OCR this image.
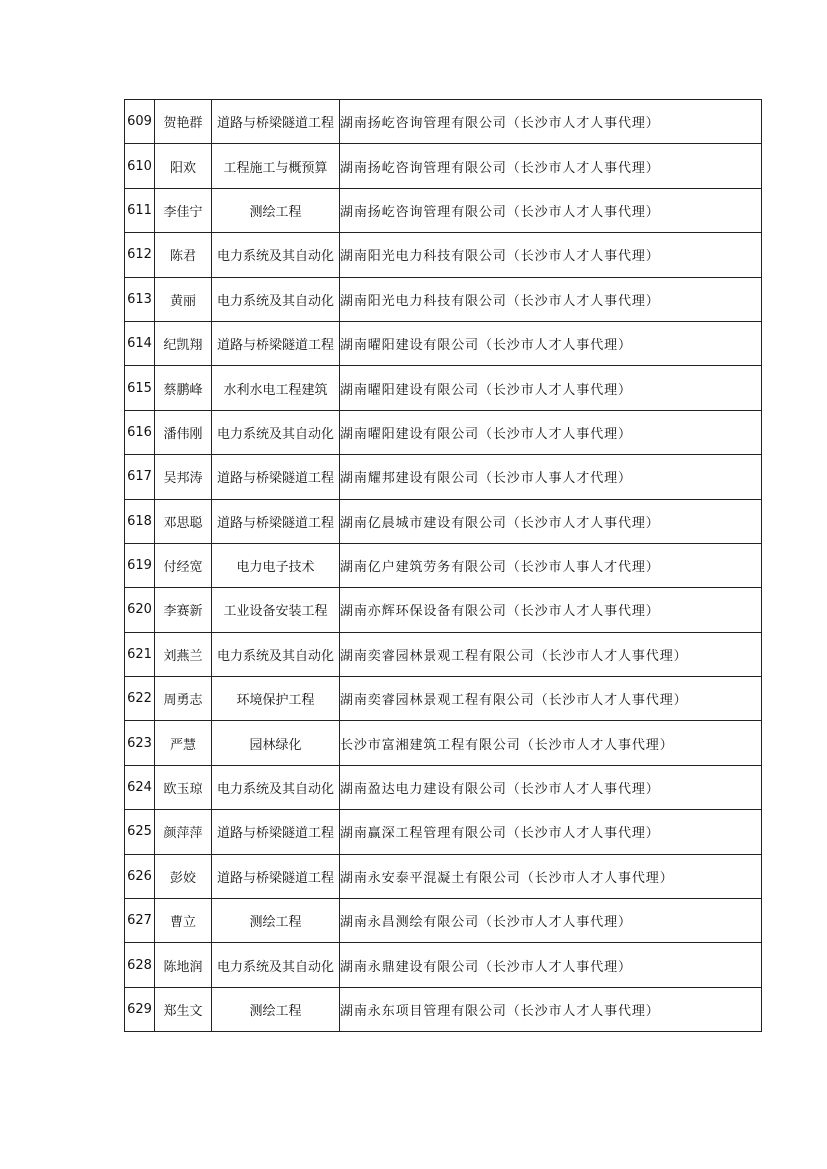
609	贺艳群	道路与桥梁隧道工程	湖南扬屹咨询管理有限公司（长沙市人才人事代理）
610	阳欢	工程施工与概预算	湖南扬屹咨询管理有限公司（长沙市人才人事代理）
611	李佳宁	测绘工程	湖南扬屹咨询管理有限公司（长沙市人才人事代理）
612	陈君	电力系统及其自动化	湖南阳光电力科技有限公司（长沙市人才人事代理）
613	黄丽	电力系统及其自动化	湖南阳光电力科技有限公司（长沙市人才人事代理）
614	纪凯翔	道路与桥梁隧道工程	湖南曜阳建设有限公司（长沙市人才人事代理）
615	蔡鹏峰	水利水电工程建筑	湖南曜阳建设有限公司（长沙市人才人事代理）
616	潘伟刚	电力系统及其自动化	湖南曜阳建设有限公司（长沙市人才人事代理）
617	吴邦涛	道路与桥梁隧道工程	湖南耀邦建设有限公司（长沙市人事人才代理）
618	邓思聪	道路与桥梁隧道工程	湖南亿晨城市建设有限公司（长沙市人才人事代理）
619	付经宽	电力电子技术	湖南亿户建筑劳务有限公司（长沙市人事人才代理）
620	李赛新	工业设备安装工程	湖南亦辉环保设备有限公司（长沙市人才人事代理）
621	刘燕兰	电力系统及其自动化	湖南奕睿园林景观工程有限公司（长沙市人才人事代理）
622	周勇志	环境保护工程	湖南奕睿园林景观工程有限公司（长沙市人才人事代理）
623	严慧	园林绿化	长沙市富湘建筑工程有限公司（长沙市人才人事代理）
624	欧玉琼	电力系统及其自动化	湖南盈达电力建设有限公司（长沙市人才人事代理）
625	颜萍萍	道路与桥梁隧道工程	湖南赢深工程管理有限公司（长沙市人才人事代理）
626	彭姣	道路与桥梁隧道工程	湖南永安泰平混凝土有限公司（长沙市人才人事代理）
627	曹立	测绘工程	湖南永昌测绘有限公司（长沙市人才人事代理）
628	陈地润	电力系统及其自动化	湖南永鼎建设有限公司（长沙市人才人事代理）
629	郑生文	测绘工程	湖南永东项目管理有限公司（长沙市人才人事代理）
